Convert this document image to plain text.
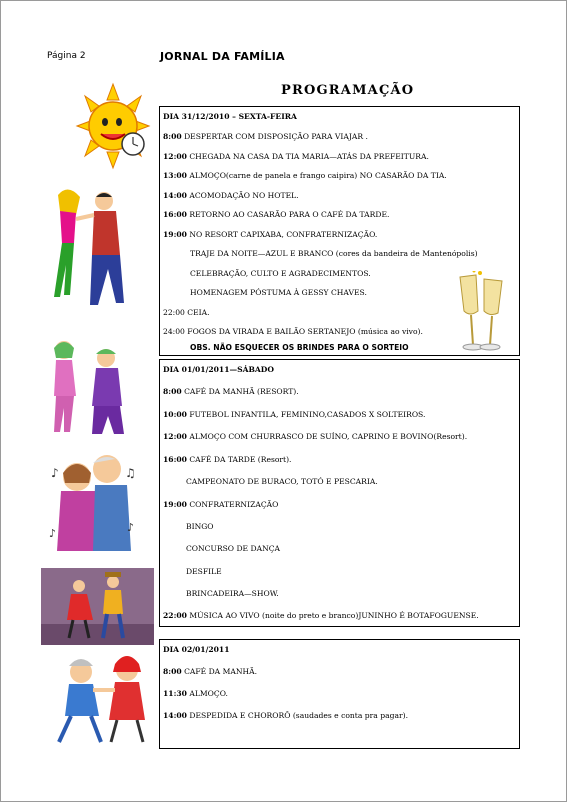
Página 2	JORNAL DA FAMÍLIA
PROGRAMAÇÃO
♪	♫
♪	♪
DIA 31/12/2010 – SEXTA-FEIRA
8:00 DESPERTAR COM DISPOSIÇÃO PARA VIAJAR .
12:00 CHEGADA NA CASA DA TIA MARIA—ATÁS DA PREFEITURA.
13:00 ALMOÇO(carne de panela e frango caipira) NO CASARÃO DA TIA.
14:00 ACOMODAÇÃO NO HOTEL.
16:00 RETORNO AO CASARÃO PARA O CAFÉ DA TARDE.
19:00 NO RESORT CAPIXABA, CONFRATERNIZAÇÃO.
TRAJE DA NOITE—AZUL E BRANCO (cores da bandeira de Mantenópolis)
CELEBRAÇÃO, CULTO E AGRADECIMENTOS.
HOMENAGEM PÓSTUMA À GESSY CHAVES.
22:00 CEIA.
24:00 FOGOS DA VIRADA E BAILÃO SERTANEJO (música ao vivo).
OBS. NÃO ESQUECER OS BRINDES PARA O SORTEIO
DIA 01/01/2011—SÁBADO
8:00 CAFÉ DA MANHÃ (RESORT).
10:00 FUTEBOL INFANTILA, FEMININO,CASADOS X SOLTEIROS.
12:00 ALMOÇO COM CHURRASCO DE SUÍNO, CAPRINO E BOVINO(Resort).
16:00 CAFÉ DA TARDE (Resort).
CAMPEONATO DE BURACO, TOTÓ E PESCARIA.
19:00 CONFRATERNIZAÇÃO
BINGO
CONCURSO DE DANÇA
DESFILE
BRINCADEIRA—SHOW.
22:00 MÚSICA AO VIVO (noite do preto e branco)JUNINHO É BOTAFOGUENSE.
DIA 02/01/2011
8:00 CAFÉ DA MANHÃ.
11:30 ALMOÇO.
14:00 DESPEDIDA E CHORORÔ (saudades e conta pra pagar).
